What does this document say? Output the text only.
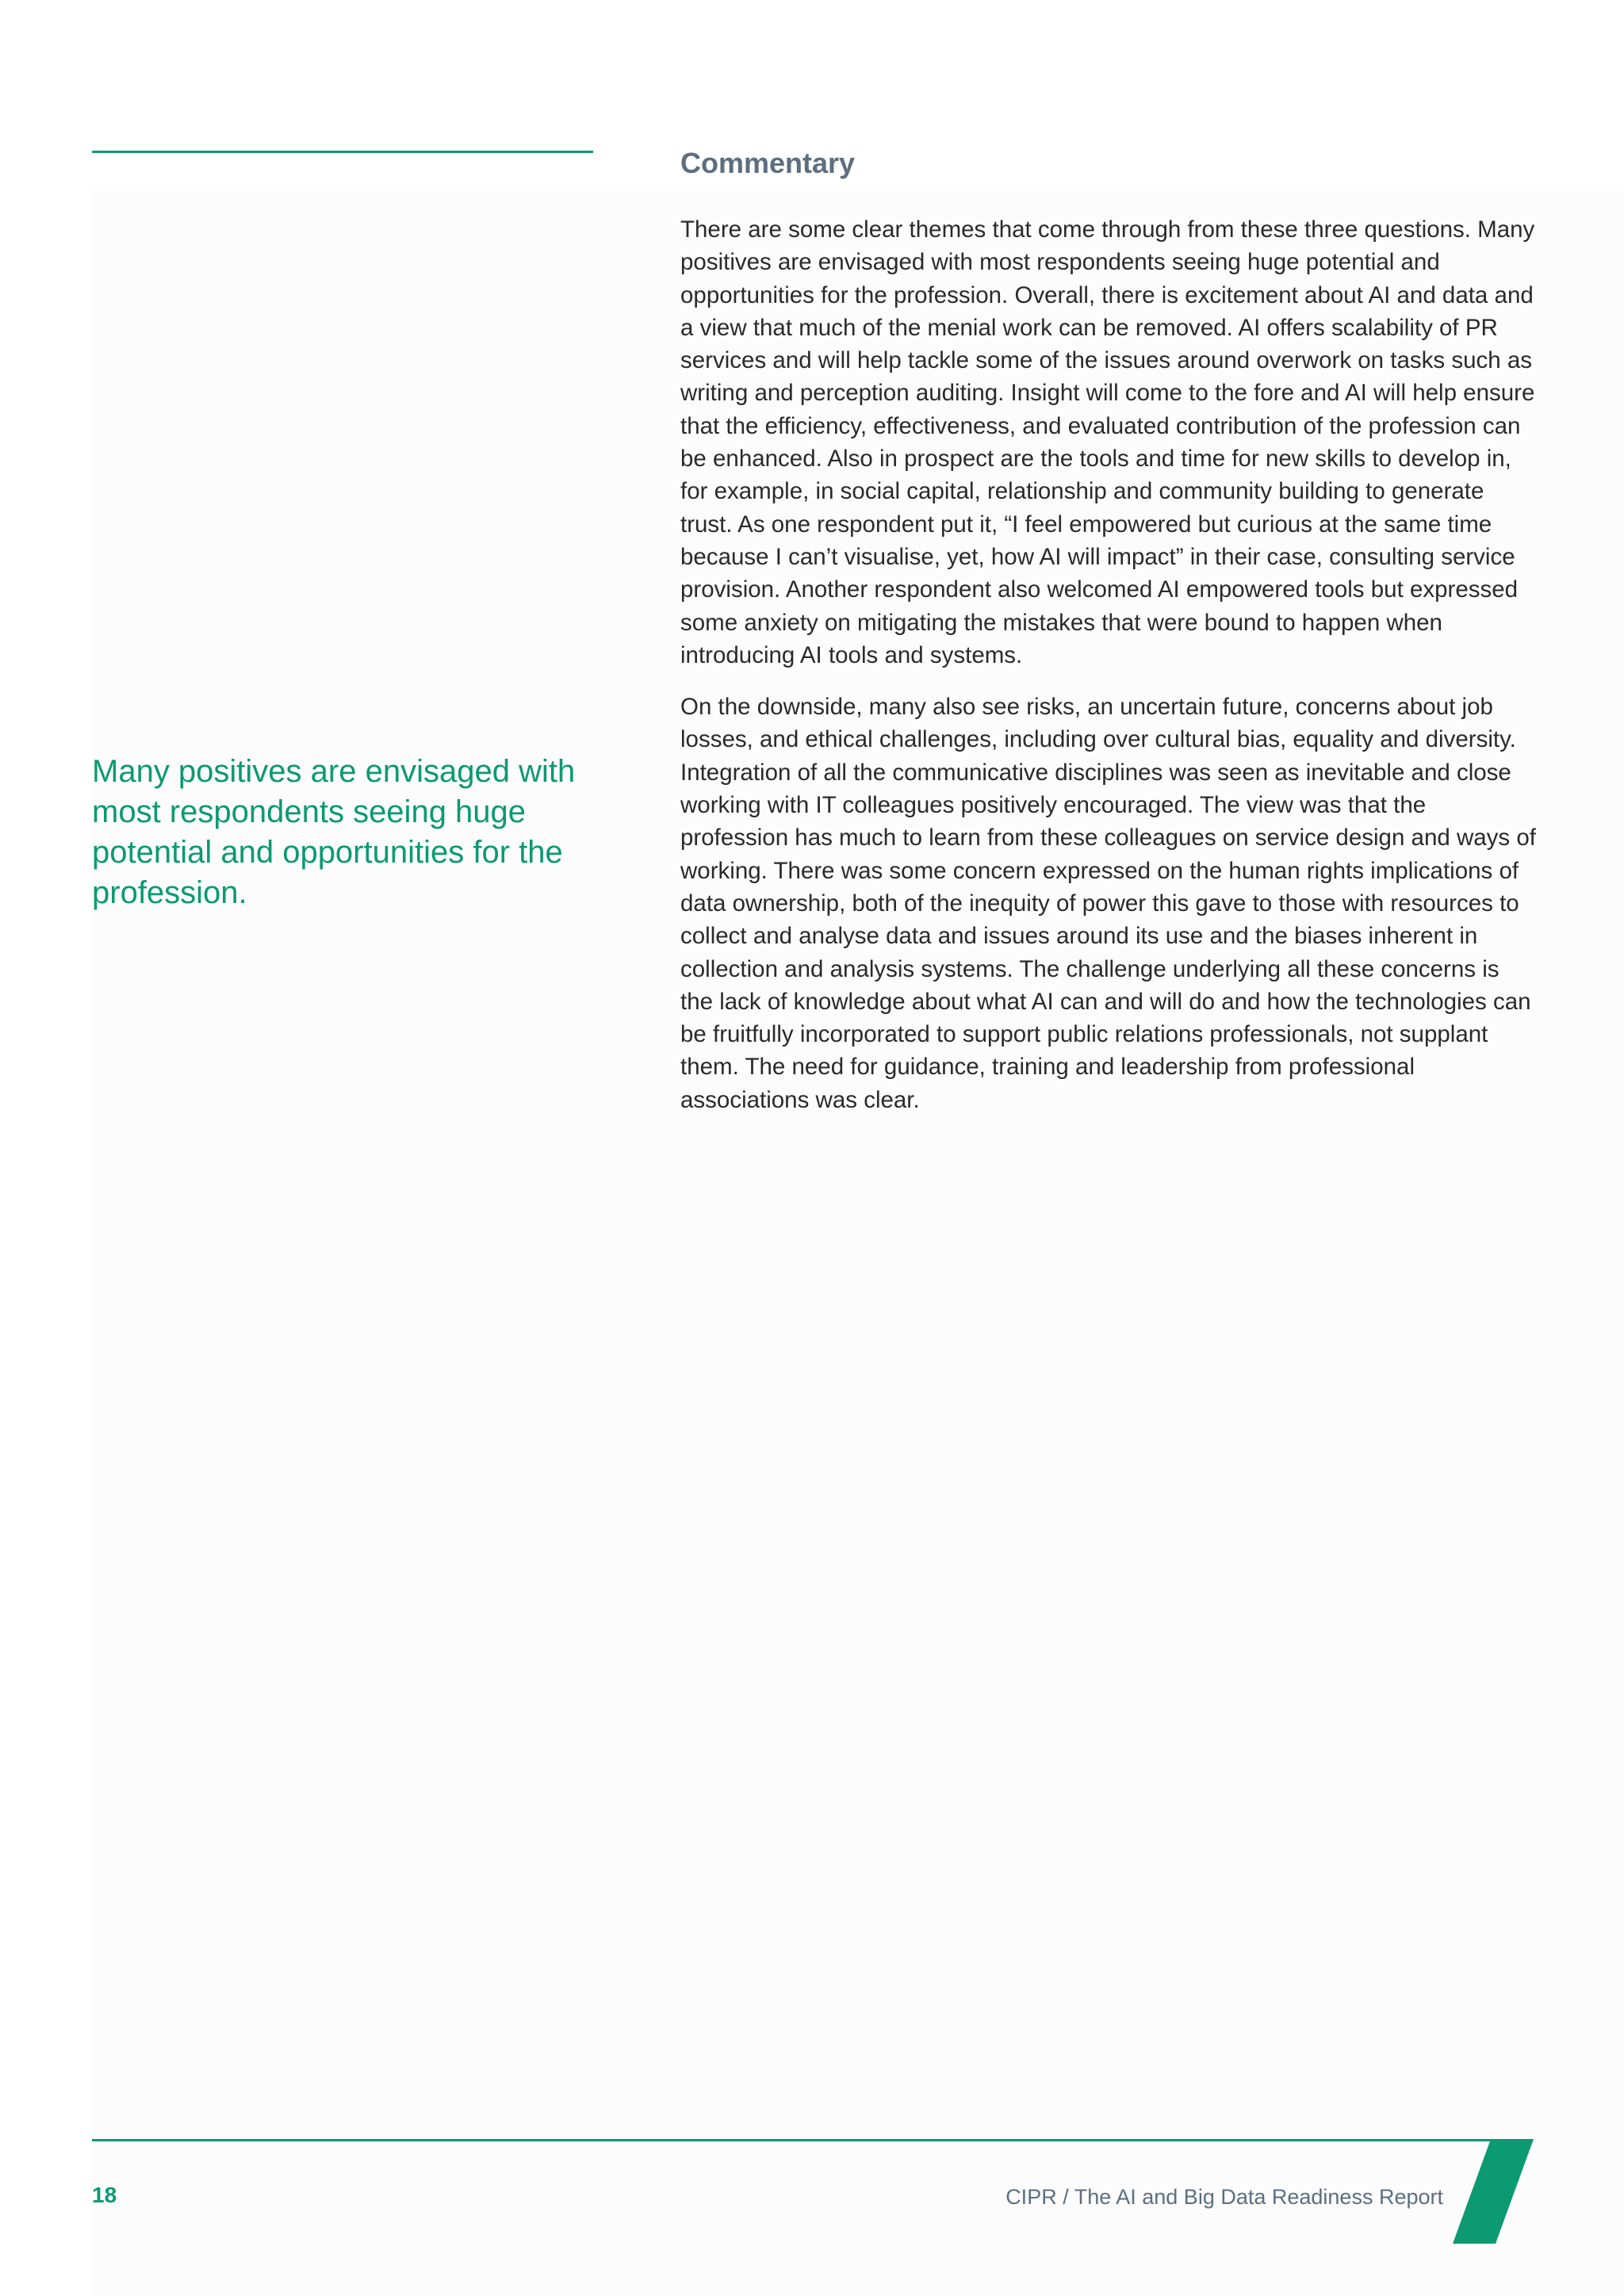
Many positives are envisaged with most respondents seeing huge potential and opportunities for the profession.

Commentary

There are some clear themes that come through from these three questions. Many positives are envisaged with most respondents seeing huge potential and opportunities for the profession. Overall, there is excitement about AI and data and a view that much of the menial work can be removed. AI offers scalability of PR services and will help tackle some of the issues around overwork on tasks such as writing and perception auditing. Insight will come to the fore and AI will help ensure that the efficiency, effectiveness, and evaluated contribution of the profession can be enhanced. Also in prospect are the tools and time for new skills to develop in, for example, in social capital, relationship and community building to generate trust. As one respondent put it, “I feel empowered but curious at the same time because I can’t visualise, yet, how AI will impact” in their case, consulting service provision. Another respondent also welcomed AI empowered tools but expressed some anxiety on mitigating the mistakes that were bound to happen when introducing AI tools and systems.

On the downside, many also see risks, an uncertain future, concerns about job losses, and ethical challenges, including over cultural bias, equality and diversity. Integration of all the communicative disciplines was seen as inevitable and close working with IT colleagues positively encouraged. The view was that the profession has much to learn from these colleagues on service design and ways of working. There was some concern expressed on the human rights implications of data ownership, both of the inequity of power this gave to those with resources to collect and analyse data and issues around its use and the biases inherent in collection and analysis systems. The challenge underlying all these concerns is the lack of knowledge about what AI can and will do and how the technologies can be fruitfully incorporated to support public relations professionals, not supplant them. The need for guidance, training and leadership from professional associations was clear.

18	CIPR / The AI and Big Data Readiness Report
